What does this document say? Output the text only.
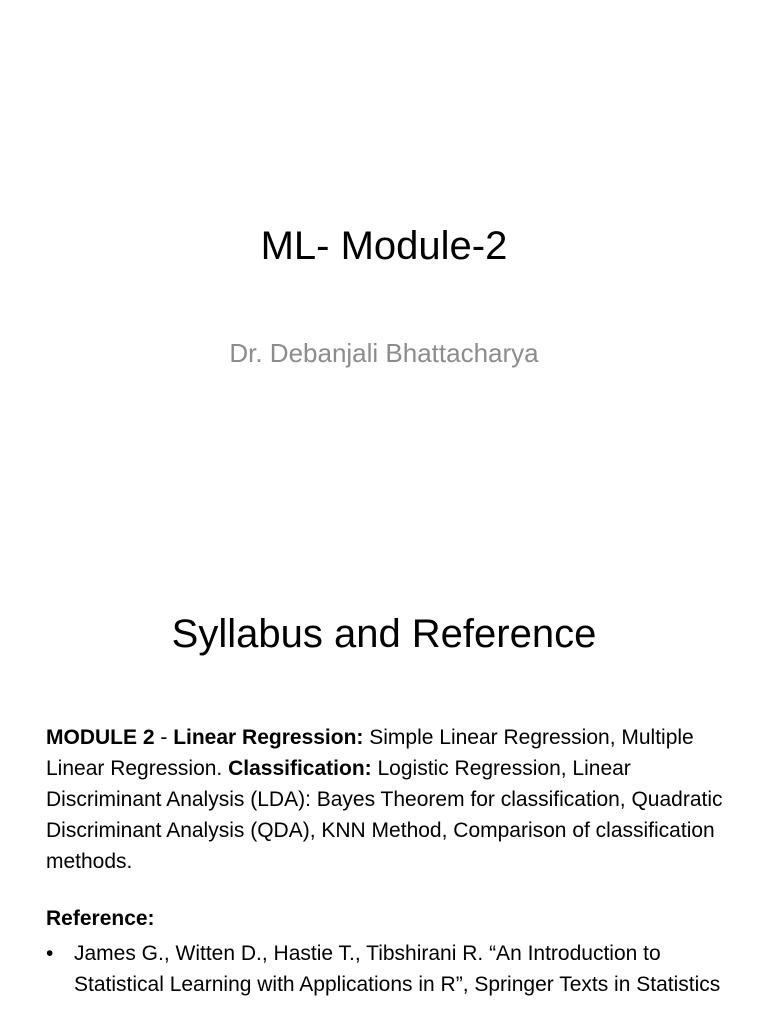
ML- Module-2
Dr. Debanjali Bhattacharya
Syllabus and Reference

MODULE 2 - Linear Regression: Simple Linear Regression, Multiple Linear Regression. Classification: Logistic Regression, Linear Discriminant Analysis (LDA): Bayes Theorem for classification, Quadratic Discriminant Analysis (QDA), KNN Method, Comparison of classification methods.

Reference:

• James G., Witten D., Hastie T., Tibshirani R. “An Introduction to Statistical Learning with Applications in R”, Springer Texts in Statistics
